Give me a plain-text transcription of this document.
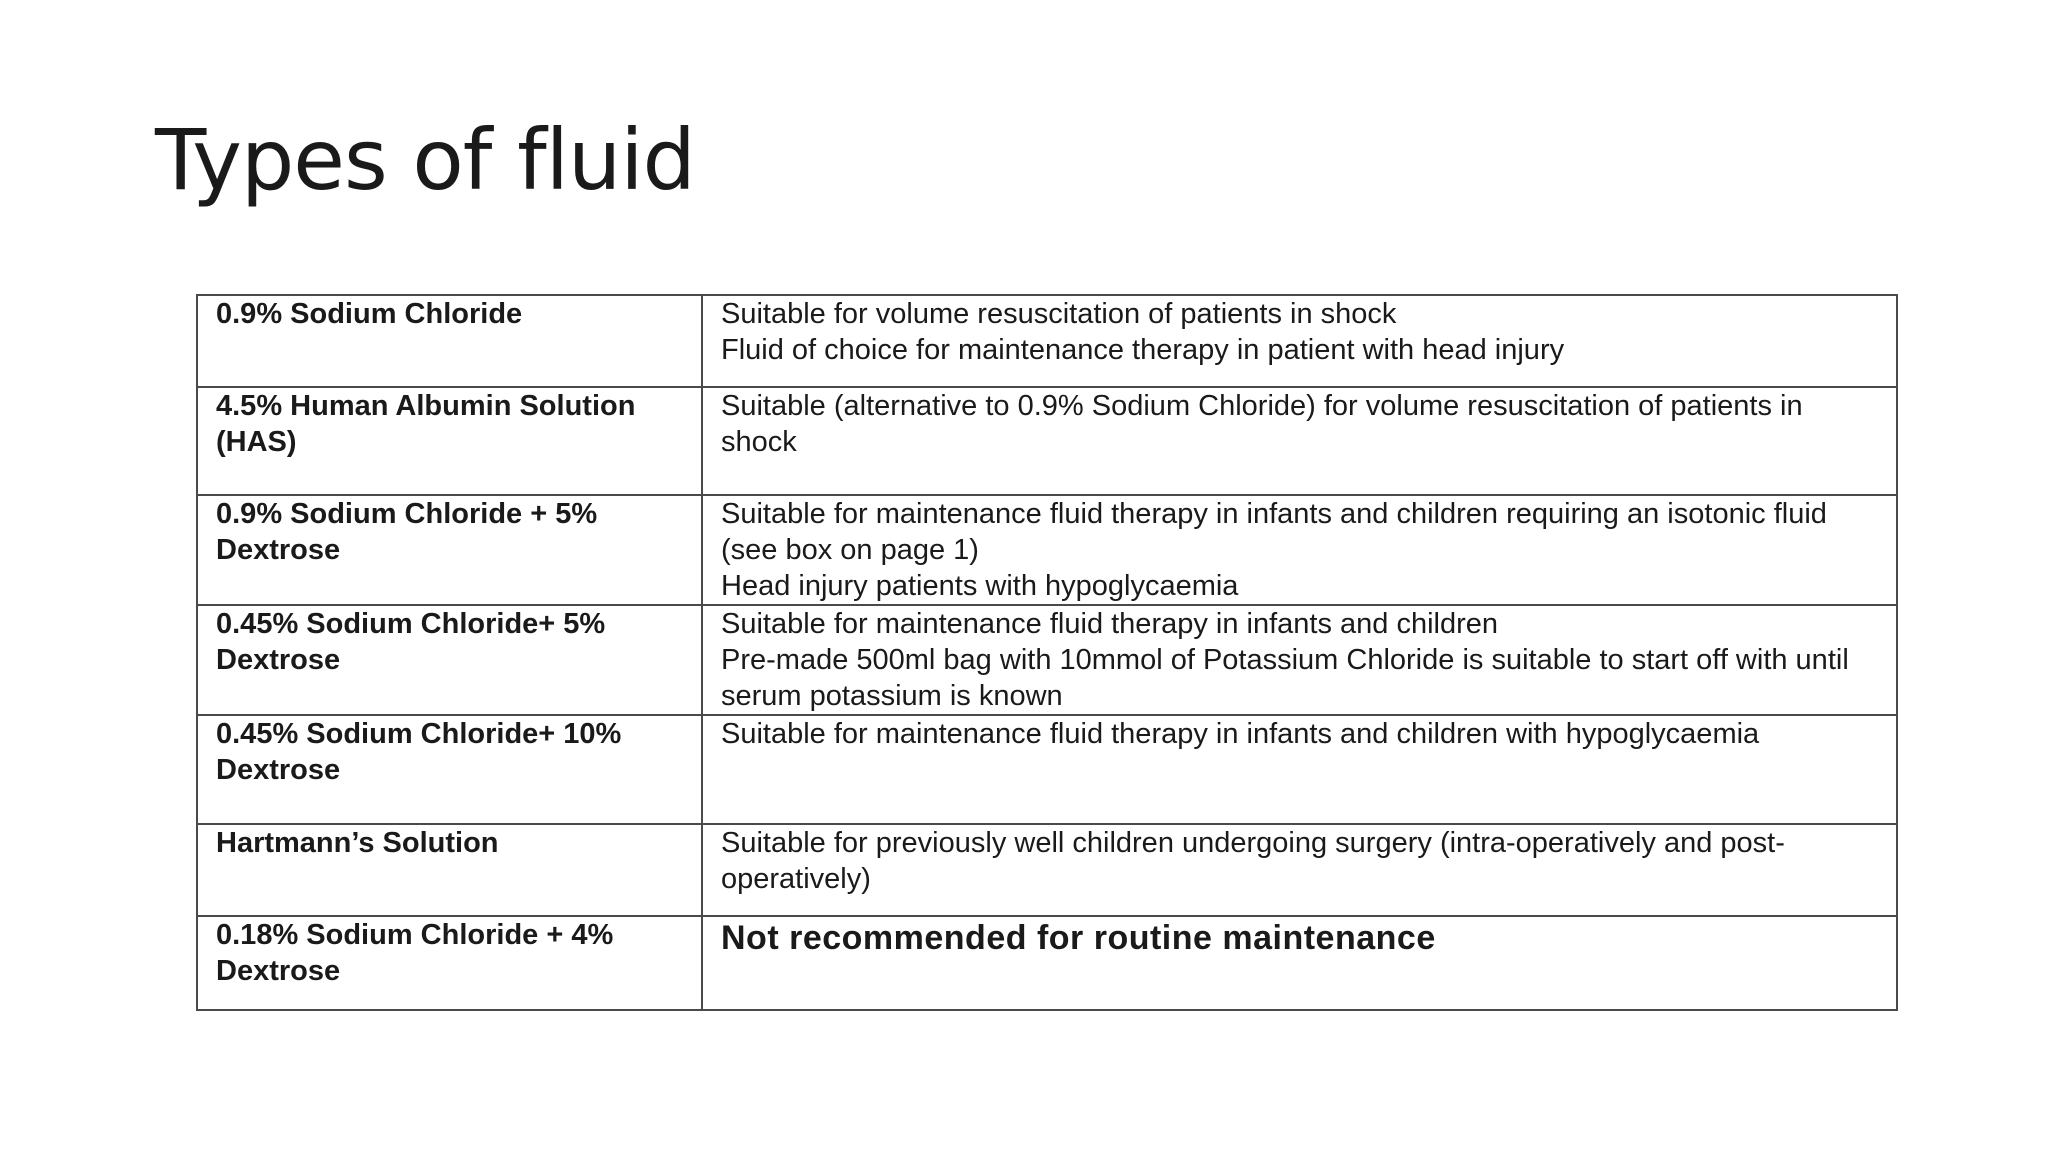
Types of fluid
0.9% Sodium Chloride	Suitable for volume resuscitation of patients in shock
Fluid of choice for maintenance therapy in patient with head injury

4.5% Human Albumin Solution (HAS)	Suitable (alternative to 0.9% Sodium Chloride) for volume resuscitation of patients in shock

0.9% Sodium Chloride + 5% Dextrose	Suitable for maintenance fluid therapy in infants and children requiring an isotonic fluid (see box on page 1)
Head injury patients with hypoglycaemia

0.45% Sodium Chloride+ 5% Dextrose	Suitable for maintenance fluid therapy in infants and children
Pre-made 500ml bag with 10mmol of Potassium Chloride is suitable to start off with until serum potassium is known

0.45% Sodium Chloride+ 10% Dextrose	Suitable for maintenance fluid therapy in infants and children with hypoglycaemia

Hartmann’s Solution	Suitable for previously well children undergoing surgery (intra-operatively and post-operatively)

0.18% Sodium Chloride + 4% Dextrose	Not recommended for routine maintenance
